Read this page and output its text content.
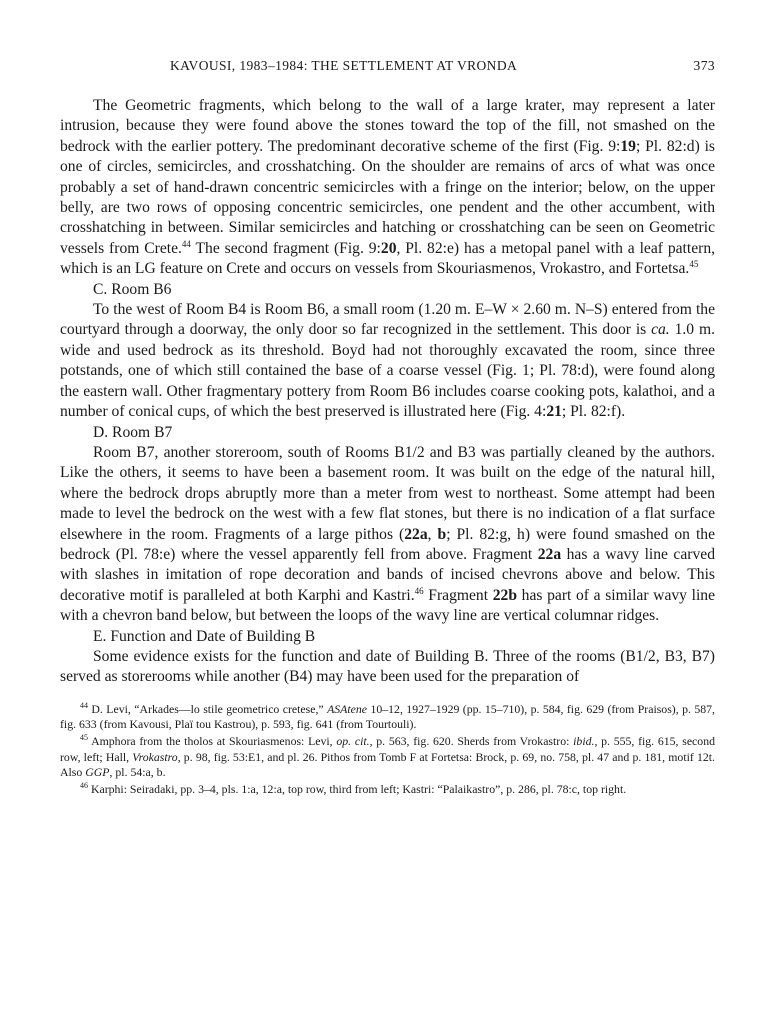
KAVOUSI, 1983–1984: THE SETTLEMENT AT VRONDA	373

The Geometric fragments, which belong to the wall of a large krater, may represent a later intrusion, because they were found above the stones toward the top of the fill, not smashed on the bedrock with the earlier pottery. The predominant decorative scheme of the first (Fig. 9:19; Pl. 82:d) is one of circles, semicircles, and crosshatching. On the shoulder are remains of arcs of what was once probably a set of hand-drawn concentric semicircles with a fringe on the interior; below, on the upper belly, are two rows of opposing concentric semicircles, one pendent and the other accumbent, with crosshatching in between. Similar semicircles and hatching or crosshatching can be seen on Geometric vessels from Crete.$^{44}$ The second fragment (Fig. 9:20, Pl. 82:e) has a metopal panel with a leaf pattern, which is an LG feature on Crete and occurs on vessels from Skouriasmenos, Vrokastro, and Fortetsa.$^{45}$

C. Room B6

To the west of Room B4 is Room B6, a small room (1.20 m. E–W × 2.60 m. N–S) entered from the courtyard through a doorway, the only door so far recognized in the settlement. This door is ca. 1.0 m. wide and used bedrock as its threshold. Boyd had not thoroughly excavated the room, since three potstands, one of which still contained the base of a coarse vessel (Fig. 1; Pl. 78:d), were found along the eastern wall. Other fragmentary pottery from Room B6 includes coarse cooking pots, kalathoi, and a number of conical cups, of which the best preserved is illustrated here (Fig. 4:21; Pl. 82:f).

D. Room B7

Room B7, another storeroom, south of Rooms B1/2 and B3 was partially cleaned by the authors. Like the others, it seems to have been a basement room. It was built on the edge of the natural hill, where the bedrock drops abruptly more than a meter from west to northeast. Some attempt had been made to level the bedrock on the west with a few flat stones, but there is no indication of a flat surface elsewhere in the room. Fragments of a large pithos (22a, b; Pl. 82:g, h) were found smashed on the bedrock (Pl. 78:e) where the vessel apparently fell from above. Fragment 22a has a wavy line carved with slashes in imitation of rope decoration and bands of incised chevrons above and below. This decorative motif is paralleled at both Karphi and Kastri.$^{46}$ Fragment 22b has part of a similar wavy line with a chevron band below, but between the loops of the wavy line are vertical columnar ridges.

E. Function and Date of Building B

Some evidence exists for the function and date of Building B. Three of the rooms (B1/2, B3, B7) served as storerooms while another (B4) may have been used for the preparation of

$^{44}$ D. Levi, “Arkades—lo stile geometrico cretese,” ASAtene 10–12, 1927–1929 (pp. 15–710), p. 584, fig. 629 (from Praisos), p. 587, fig. 633 (from Kavousi, Plaï tou Kastrou), p. 593, fig. 641 (from Tourtouli).

$^{45}$ Amphora from the tholos at Skouriasmenos: Levi, op. cit., p. 563, fig. 620. Sherds from Vrokastro: ibid., p. 555, fig. 615, second row, left; Hall, Vrokastro, p. 98, fig. 53:E1, and pl. 26. Pithos from Tomb F at Fortetsa: Brock, p. 69, no. 758, pl. 47 and p. 181, motif 12t. Also GGP, pl. 54:a, b.

$^{46}$ Karphi: Seiradaki, pp. 3–4, pls. 1:a, 12:a, top row, third from left; Kastri: “Palaikastro”, p. 286, pl. 78:c, top right.
